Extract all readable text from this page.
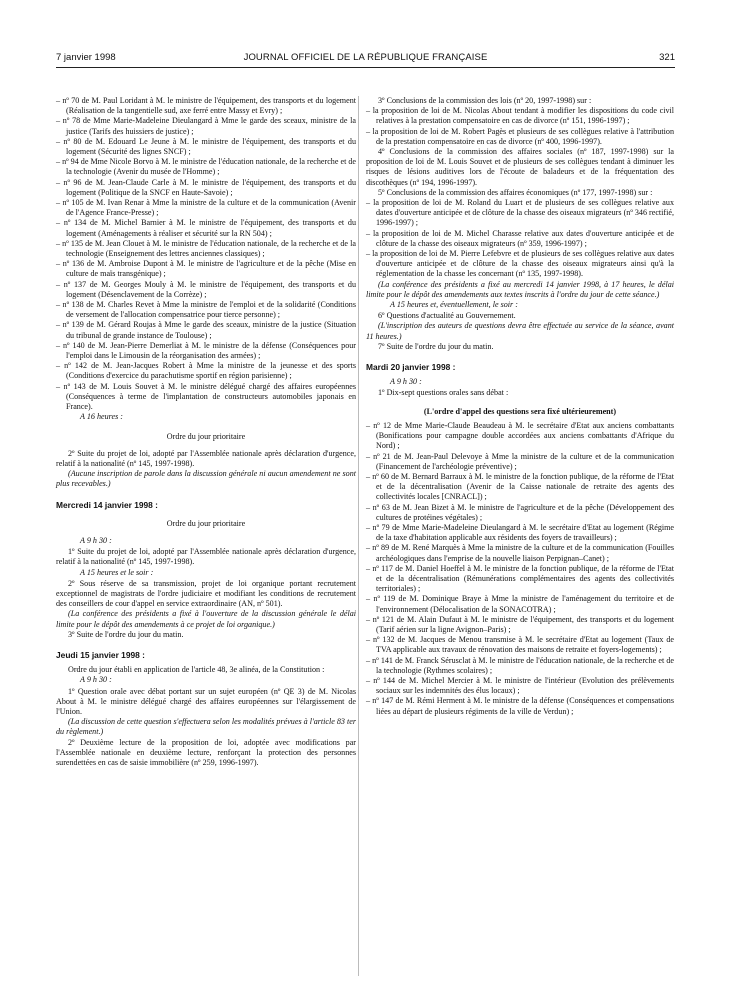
7 janvier 1998	JOURNAL OFFICIEL DE LA RÉPUBLIQUE FRANÇAISE	321

– nº 70 de M. Paul Loridant à M. le ministre de l'équipement, des transports et du logement (Réalisation de la tangentielle sud, axe ferré entre Massy et Evry) ;

– nº 78 de Mme Marie-Madeleine Dieulangard à Mme le garde des sceaux, ministre de la justice (Tarifs des huissiers de justice) ;

– nº 80 de M. Edouard Le Jeune à M. le ministre de l'équipement, des transports et du logement (Sécurité des lignes SNCF) ;

– nº 94 de Mme Nicole Borvo à M. le ministre de l'éducation nationale, de la recherche et de la technologie (Avenir du musée de l'Homme) ;

– nº 96 de M. Jean-Claude Carle à M. le ministre de l'équipement, des transports et du logement (Politique de la SNCF en Haute-Savoie) ;

– nº 105 de M. Ivan Renar à Mme la ministre de la culture et de la communication (Avenir de l'Agence France-Presse) ;

– nº 134 de M. Michel Barnier à M. le ministre de l'équipement, des transports et du logement (Aménagements à réaliser et sécurité sur la RN 504) ;

– nº 135 de M. Jean Clouet à M. le ministre de l'éducation nationale, de la recherche et de la technologie (Enseignement des lettres anciennes classiques) ;

– nº 136 de M. Ambroise Dupont à M. le ministre de l'agriculture et de la pêche (Mise en culture de maïs transgénique) ;

– nº 137 de M. Georges Mouly à M. le ministre de l'équipement, des transports et du logement (Désenclavement de la Corrèze) ;

– nº 138 de M. Charles Revet à Mme la ministre de l'emploi et de la solidarité (Conditions de versement de l'allocation compensatrice pour tierce personne) ;

– nº 139 de M. Gérard Roujas à Mme le garde des sceaux, ministre de la justice (Situation du tribunal de grande instance de Toulouse) ;

– nº 140 de M. Jean-Pierre Demerliat à M. le ministre de la défense (Conséquences pour l'emploi dans le Limousin de la réorganisation des armées) ;

– nº 142 de M. Jean-Jacques Robert à Mme la ministre de la jeunesse et des sports (Conditions d'exercice du parachutisme sportif en région parisienne) ;

– nº 143 de M. Louis Souvet à M. le ministre délégué chargé des affaires européennes (Conséquences à terme de l'implantation de constructeurs automobiles japonais en France).

A 16 heures :

Ordre du jour prioritaire

2º Suite du projet de loi, adopté par l'Assemblée nationale après déclaration d'urgence, relatif à la nationalité (nº 145, 1997-1998).

(Aucune inscription de parole dans la discussion générale ni aucun amendement ne sont plus recevables.)

Mercredi 14 janvier 1998 :

Ordre du jour prioritaire

A 9 h 30 :

1º Suite du projet de loi, adopté par l'Assemblée nationale après déclaration d'urgence, relatif à la nationalité (nº 145, 1997-1998).

A 15 heures et le soir :

2º Sous réserve de sa transmission, projet de loi organique portant recrutement exceptionnel de magistrats de l'ordre judiciaire et modifiant les conditions de recrutement des conseillers de cour d'appel en service extraordinaire (AN, nº 501).

(La conférence des présidents a fixé à l'ouverture de la discussion générale le délai limite pour le dépôt des amendements à ce projet de loi organique.)

3º Suite de l'ordre du jour du matin.

Jeudi 15 janvier 1998 :

Ordre du jour établi en application de l'article 48, 3e alinéa, de la Constitution :

A 9 h 30 :

1º Question orale avec débat portant sur un sujet européen (nº QE 3) de M. Nicolas About à M. le ministre délégué chargé des affaires européennes sur l'élargissement de l'Union.

(La discussion de cette question s'effectuera selon les modalités prévues à l'article 83 ter du règlement.)

2º Deuxième lecture de la proposition de loi, adoptée avec modifications par l'Assemblée nationale en deuxième lecture, renforçant la protection des personnes surendettées en cas de saisie immobilière (nº 259, 1996-1997).

3º Conclusions de la commission des lois (nº 20, 1997-1998) sur :

– la proposition de loi de M. Nicolas About tendant à modifier les dispositions du code civil relatives à la prestation compensatoire en cas de divorce (nº 151, 1996-1997) ;

– la proposition de loi de M. Robert Pagès et plusieurs de ses collègues relative à l'attribution de la prestation compensatoire en cas de divorce (nº 400, 1996-1997).

4º Conclusions de la commission des affaires sociales (nº 187, 1997-1998) sur la proposition de loi de M. Louis Souvet et de plusieurs de ses collègues tendant à diminuer les risques de lésions auditives lors de l'écoute de baladeurs et de la fréquentation des discothèques (nº 194, 1996-1997).

5º Conclusions de la commission des affaires économiques (nº 177, 1997-1998) sur :

– la proposition de loi de M. Roland du Luart et de plusieurs de ses collègues relative aux dates d'ouverture anticipée et de clôture de la chasse des oiseaux migrateurs (nº 346 rectifié, 1996-1997) ;

– la proposition de loi de M. Michel Charasse relative aux dates d'ouverture anticipée et de clôture de la chasse des oiseaux migrateurs (nº 359, 1996-1997) ;

– la proposition de loi de M. Pierre Lefebvre et de plusieurs de ses collègues relative aux dates d'ouverture anticipée et de clôture de la chasse des oiseaux migrateurs ainsi qu'à la réglementation de la chasse les concernant (nº 135, 1997-1998).

(La conférence des présidents a fixé au mercredi 14 janvier 1998, à 17 heures, le délai limite pour le dépôt des amendements aux textes inscrits à l'ordre du jour de cette séance.)

A 15 heures et, éventuellement, le soir :

6º Questions d'actualité au Gouvernement.

(L'inscription des auteurs de questions devra être effectuée au service de la séance, avant 11 heures.)

7º Suite de l'ordre du jour du matin.

Mardi 20 janvier 1998 :

A 9 h 30 :

1º Dix-sept questions orales sans débat :

(L'ordre d'appel des questions sera fixé ultérieurement)

– nº 12 de Mme Marie-Claude Beaudeau à M. le secrétaire d'Etat aux anciens combattants (Bonifications pour campagne double accordées aux anciens combattants d'Afrique du Nord) ;

– nº 21 de M. Jean-Paul Delevoye à Mme la ministre de la culture et de la communication (Financement de l'archéologie préventive) ;

– nº 60 de M. Bernard Barraux à M. le ministre de la fonction publique, de la réforme de l'Etat et de la décentralisation (Avenir de la Caisse nationale de retraite des agents des collectivités locales [CNRACL]) ;

– nº 63 de M. Jean Bizet à M. le ministre de l'agriculture et de la pêche (Développement des cultures de protéines végétales) ;

– nº 79 de Mme Marie-Madeleine Dieulangard à M. le secrétaire d'Etat au logement (Régime de la taxe d'habitation applicable aux résidents des foyers de travailleurs) ;

– nº 89 de M. René Marquès à Mme la ministre de la culture et de la communication (Fouilles archéologiques dans l'emprise de la nouvelle liaison Perpignan–Canet) ;

– nº 117 de M. Daniel Hoeffel à M. le ministre de la fonction publique, de la réforme de l'Etat et de la décentralisation (Rémunérations complémentaires des agents des collectivités territoriales) ;

– nº 119 de M. Dominique Braye à Mme la ministre de l'aménagement du territoire et de l'environnement (Délocalisation de la SONACOTRA) ;

– nº 121 de M. Alain Dufaut à M. le ministre de l'équipement, des transports et du logement (Tarif aérien sur la ligne Avignon–Paris) ;

– nº 132 de M. Jacques de Menou transmise à M. le secrétaire d'Etat au logement (Taux de TVA applicable aux travaux de rénovation des maisons de retraite et foyers-logements) ;

– nº 141 de M. Franck Sérusclat à M. le ministre de l'éducation nationale, de la recherche et de la technologie (Rythmes scolaires) ;

– nº 144 de M. Michel Mercier à M. le ministre de l'intérieur (Evolution des prélèvements sociaux sur les indemnités des élus locaux) ;

– nº 147 de M. Rémi Herment à M. le ministre de la défense (Conséquences et compensations liées au départ de plusieurs régiments de la ville de Verdun) ;
